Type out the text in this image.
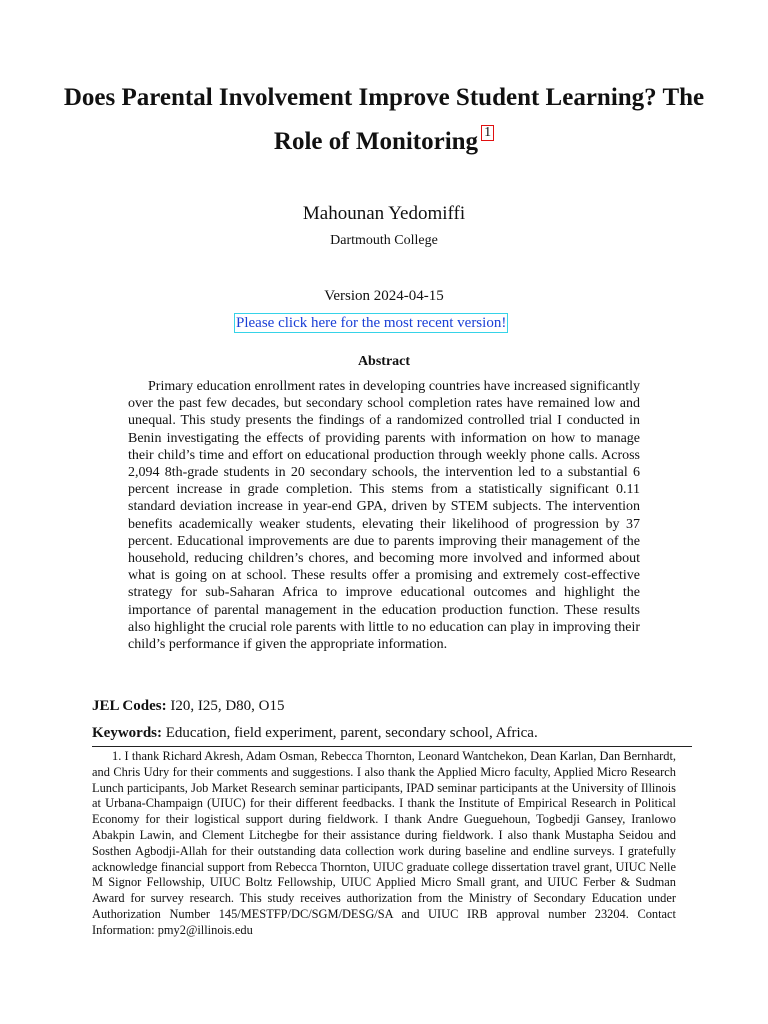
Does Parental Involvement Improve Student Learning? The Role of Monitoring 1
Mahounan Yedomiffi
Dartmouth College
Version 2024-04-15
Please click here for the most recent version!
Abstract

Primary education enrollment rates in developing countries have increased significantly over the past few decades, but secondary school completion rates have remained low and unequal. This study presents the findings of a randomized controlled trial I conducted in Benin investigating the effects of providing parents with information on how to manage their child’s time and effort on educational production through weekly phone calls. Across 2,094 8th-grade students in 20 secondary schools, the intervention led to a substantial 6 percent increase in grade completion. This stems from a statistically significant 0.11 standard deviation increase in year-end GPA, driven by STEM subjects. The intervention benefits academically weaker students, elevating their likelihood of progression by 37 percent. Educational improvements are due to parents improving their management of the household, reducing children’s chores, and becoming more involved and informed about what is going on at school. These results offer a promising and extremely cost-effective strategy for sub-Saharan Africa to improve educational outcomes and highlight the importance of parental management in the education production function. These results also highlight the crucial role parents with little to no education can play in improving their child’s performance if given the appropriate information.

JEL Codes: I20, I25, D80, O15

Keywords: Education, field experiment, parent, secondary school, Africa.

1. I thank Richard Akresh, Adam Osman, Rebecca Thornton, Leonard Wantchekon, Dean Karlan, Dan Bernhardt, and Chris Udry for their comments and suggestions. I also thank the Applied Micro faculty, Applied Micro Research Lunch participants, Job Market Research seminar participants, IPAD seminar participants at the University of Illinois at Urbana-Champaign (UIUC) for their different feedbacks. I thank the Institute of Empirical Research in Political Economy for their logistical support during fieldwork. I thank Andre Gueguehoun, Togbedji Gansey, Iranlowo Abakpin Lawin, and Clement Litchegbe for their assistance during fieldwork. I also thank Mustapha Seidou and Sosthen Agbodji-Allah for their outstanding data collection work during baseline and endline surveys. I gratefully acknowledge financial support from Rebecca Thornton, UIUC graduate college dissertation travel grant, UIUC Nelle M Signor Fellowship, UIUC Boltz Fellowship, UIUC Applied Micro Small grant, and UIUC Ferber & Sudman Award for survey research. This study receives authorization from the Ministry of Secondary Education under Authorization Number 145/MESTFP/DC/SGM/DESG/SA and UIUC IRB approval number 23204. Contact Information: pmy2@illinois.edu
